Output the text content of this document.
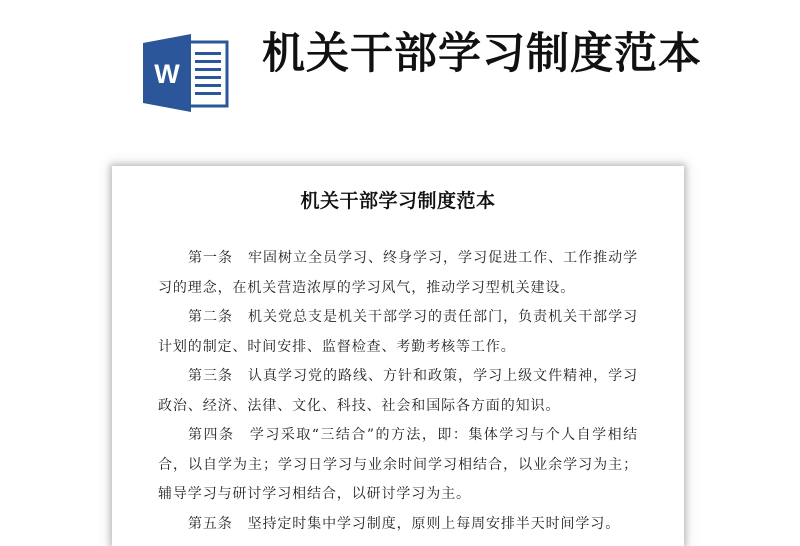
W 机关干部学习制度范本
机关干部学习制度范本

第一条　牢固树立全员学习、终身学习，学习促进工作、工作推动学习的理念，在机关营造浓厚的学习风气，推动学习型机关建设。

第二条　机关党总支是机关干部学习的责任部门，负责机关干部学习计划的制定、时间安排、监督检查、考勤考核等工作。

第三条　认真学习党的路线、方针和政策，学习上级文件精神，学习政治、经济、法律、文化、科技、社会和国际各方面的知识。

第四条　学习采取“三结合”的方法，即：集体学习与个人自学相结合，以自学为主；学习日学习与业余时间学习相结合，以业余学习为主；辅导学习与研讨学习相结合，以研讨学习为主。

第五条　坚持定时集中学习制度，原则上每周安排半天时间学习。
